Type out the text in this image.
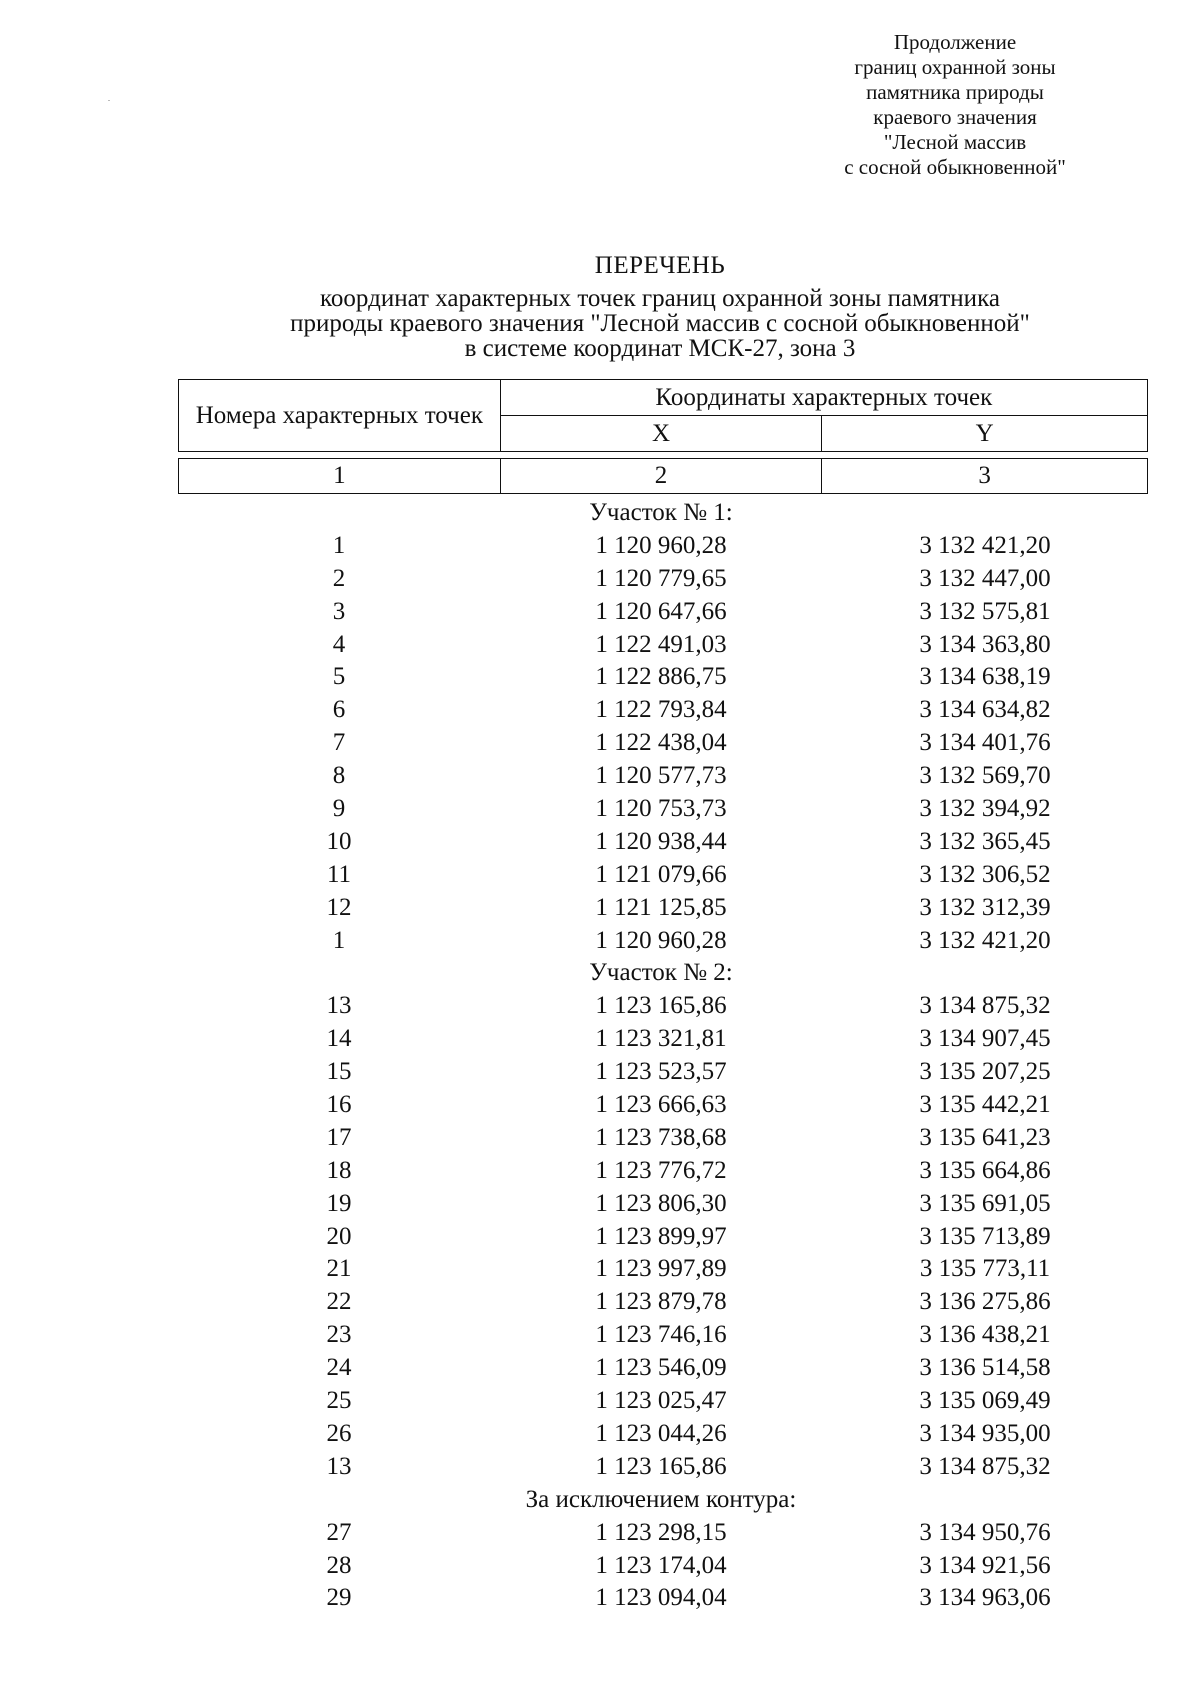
Продолжение
границ охранной зоны
памятника природы
краевого значения
"Лесной массив
с сосной обыкновенной"
ПЕРЕЧЕНЬ
координат характерных точек границ охранной зоны памятника
природы краевого значения "Лесной массив с сосной обыкновенной"
в системе координат МСК-27, зона 3
Номера характерных точек	Координаты характерных точек	
	X	Y
1	2	3
Участок № 1:
1	1 120 960,28	3 132 421,20
2	1 120 779,65	3 132 447,00
3	1 120 647,66	3 132 575,81
4	1 122 491,03	3 134 363,80
5	1 122 886,75	3 134 638,19
6	1 122 793,84	3 134 634,82
7	1 122 438,04	3 134 401,76
8	1 120 577,73	3 132 569,70
9	1 120 753,73	3 132 394,92
10	1 120 938,44	3 132 365,45
11	1 121 079,66	3 132 306,52
12	1 121 125,85	3 132 312,39
1	1 120 960,28	3 132 421,20
Участок № 2:
13	1 123 165,86	3 134 875,32
14	1 123 321,81	3 134 907,45
15	1 123 523,57	3 135 207,25
16	1 123 666,63	3 135 442,21
17	1 123 738,68	3 135 641,23
18	1 123 776,72	3 135 664,86
19	1 123 806,30	3 135 691,05
20	1 123 899,97	3 135 713,89
21	1 123 997,89	3 135 773,11
22	1 123 879,78	3 136 275,86
23	1 123 746,16	3 136 438,21
24	1 123 546,09	3 136 514,58
25	1 123 025,47	3 135 069,49
26	1 123 044,26	3 134 935,00
13	1 123 165,86	3 134 875,32
За исключением контура:
27	1 123 298,15	3 134 950,76
28	1 123 174,04	3 134 921,56
29	1 123 094,04	3 134 963,06
